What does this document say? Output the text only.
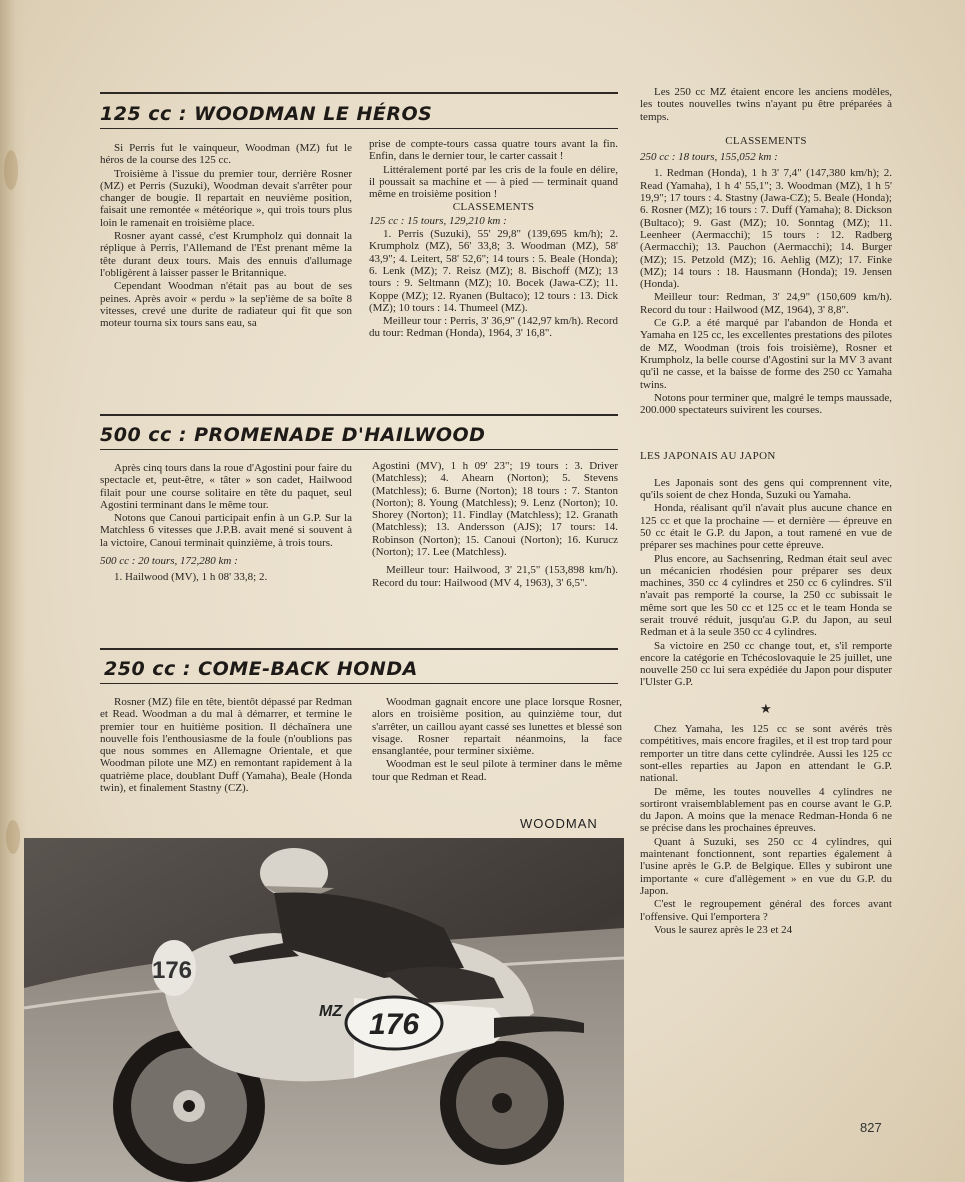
125 cc : WOODMAN LE HÉROS

Si Perris fut le vainqueur, Woodman (MZ) fut le héros de la course des 125 cc.

Troisième à l'issue du premier tour, derrière Rosner (MZ) et Perris (Suzuki), Woodman devait s'arrêter pour changer de bougie. Il repartait en neuvième position, faisait une remontée « météorique », qui trois tours plus loin le ramenait en troisième place.

Rosner ayant cassé, c'est Krumpholz qui donnait la réplique à Perris, l'Allemand de l'Est prenant même la tête durant deux tours. Mais des ennuis d'allumage l'obligèrent à laisser passer le Britannique.

Cependant Woodman n'était pas au bout de ses peines. Après avoir « perdu » la sep'ième de sa boîte 8 vitesses, crevé une durite de radiateur qui fit que son moteur tourna six tours sans eau, sa

prise de compte-tours cassa quatre tours avant la fin. Enfin, dans le dernier tour, le carter cassait !

Littéralement porté par les cris de la foule en délire, il poussait sa machine et — à pied — terminait quand même en troisième position !

CLASSEMENTS

125 cc : 15 tours, 129,210 km :

1. Perris (Suzuki), 55' 29,8" (139,695 km/h); 2. Krumpholz (MZ), 56' 33,8; 3. Woodman (MZ), 58' 43,9"; 4. Leitert, 58' 52,6"; 14 tours : 5. Beale (Honda); 6. Lenk (MZ); 7. Reisz (MZ); 8. Bischoff (MZ); 13 tours : 9. Seltmann (MZ); 10. Bocek (Jawa-CZ); 11. Koppe (MZ); 12. Ryanen (Bultaco); 12 tours : 13. Dick (MZ); 10 tours : 14. Thumeel (MZ).

Meilleur tour : Perris, 3' 36,9" (142,97 km/h). Record du tour: Redman (Honda), 1964, 3' 16,8".

500 cc : PROMENADE D'HAILWOOD

Après cinq tours dans la roue d'Agostini pour faire du spectacle et, peut-être, « tâter » son cadet, Hailwood filait pour une course solitaire en tête du paquet, seul Agostini terminant dans le même tour.

Notons que Canoui participait enfin à un G.P. Sur la Matchless 6 vitesses que J.P.B. avait mené si souvent à la victoire, Canoui terminait quinzième, à trois tours.

500 cc : 20 tours, 172,280 km :

1. Hailwood (MV), 1 h 08' 33,8; 2.

Agostini (MV), 1 h 09' 23"; 19 tours : 3. Driver (Matchless); 4. Ahearn (Norton); 5. Stevens (Matchless); 6. Burne (Norton); 18 tours : 7. Stanton (Norton); 8. Young (Matchless); 9. Lenz (Norton); 10. Shorey (Norton); 11. Findlay (Matchless); 12. Granath (Matchless); 13. Andersson (AJS); 17 tours: 14. Robinson (Norton); 15. Canoui (Norton); 16. Kurucz (Norton); 17. Lee (Matchless).

Meilleur tour: Hailwood, 3' 21,5" (153,898 km/h). Record du tour: Hailwood (MV 4, 1963), 3' 6,5".

250 cc : COME-BACK HONDA

Rosner (MZ) file en tête, bientôt dépassé par Redman et Read. Woodman a du mal à démarrer, et termine le premier tour en huitième position. Il déchaînera une nouvelle fois l'enthousiasme de la foule (n'oublions pas que nous sommes en Allemagne Orientale, et que Woodman pilote une MZ) en remontant rapidement à la quatrième place, doublant Duff (Yamaha), Beale (Honda twin), et finalement Stastny (CZ).

Woodman gagnait encore une place lorsque Rosner, alors en troisième position, au quinzième tour, dut s'arrêter, un caillou ayant cassé ses lunettes et blessé son visage. Rosner repartait néanmoins, la face ensanglantée, pour terminer sixième.

Woodman est le seul pilote à terminer dans le même tour que Redman et Read.

WOODMAN
176
MZ
176

Les 250 cc MZ étaient encore les anciens modèles, les toutes nouvelles twins n'ayant pu être préparées à temps.

CLASSEMENTS

250 cc : 18 tours, 155,052 km :

1. Redman (Honda), 1 h 3' 7,4" (147,380 km/h); 2. Read (Yamaha), 1 h 4' 55,1"; 3. Woodman (MZ), 1 h 5' 19,9"; 17 tours : 4. Stastny (Jawa-CZ); 5. Beale (Honda); 6. Rosner (MZ); 16 tours : 7. Duff (Yamaha); 8. Dickson (Bultaco); 9. Gast (MZ); 10. Sonntag (MZ); 11. Leenheer (Aermacchi); 15 tours : 12. Radberg (Aermacchi); 13. Pauchon (Aermacchi); 14. Burger (MZ); 15. Petzold (MZ); 16. Aehlig (MZ); 17. Finke (MZ); 14 tours : 18. Hausmann (Honda); 19. Jensen (Honda).

Meilleur tour: Redman, 3' 24,9" (150,609 km/h). Record du tour : Hailwood (MZ, 1964), 3' 8,8".

Ce G.P. a été marqué par l'abandon de Honda et Yamaha en 125 cc, les excellentes prestations des pilotes de MZ, Woodman (trois fois troisième), Rosner et Krumpholz, la belle course d'Agostini sur la MV 3 avant qu'il ne casse, et la baisse de forme des 250 cc Yamaha twins.

Notons pour terminer que, malgré le temps maussade, 200.000 spectateurs suivirent les courses.

LES JAPONAIS AU JAPON

Les Japonais sont des gens qui comprennent vite, qu'ils soient de chez Honda, Suzuki ou Yamaha.

Honda, réalisant qu'il n'avait plus aucune chance en 125 cc et que la prochaine — et dernière — épreuve en 50 cc était le G.P. du Japon, a tout ramené en vue de préparer ses machines pour cette épreuve.

Plus encore, au Sachsenring, Redman était seul avec un mécanicien rhodésien pour préparer ses deux machines, 350 cc 4 cylindres et 250 cc 6 cylindres. S'il n'avait pas remporté la course, la 250 cc subissait le même sort que les 50 cc et 125 cc et le team Honda se serait trouvé réduit, jusqu'au G.P. du Japon, au seul Redman et à la seule 350 cc 4 cylindres.

Sa victoire en 250 cc change tout, et, s'il remporte encore la catégorie en Tchécoslovaquie le 25 juillet, une nouvelle 250 cc lui sera expédiée du Japon pour disputer l'Ulster G.P.

★

Chez Yamaha, les 125 cc se sont avérés très compétitives, mais encore fragiles, et il est trop tard pour remporter un titre dans cette cylindrée. Aussi les 125 cc sont-elles reparties au Japon en attendant le G.P. national.

De même, les toutes nouvelles 4 cylindres ne sortiront vraisemblablement pas en course avant le G.P. du Japon. A moins que la menace Redman-Honda 6 ne se précise dans les prochaines épreuves.

Quant à Suzuki, ses 250 cc 4 cylindres, qui maintenant fonctionnent, sont reparties également à l'usine après le G.P. de Belgique. Elles y subiront une importante « cure d'allègement » en vue du G.P. du Japon.

C'est le regroupement général des forces avant l'offensive. Qui l'emportera ?

Vous le saurez après le 23 et 24

827
